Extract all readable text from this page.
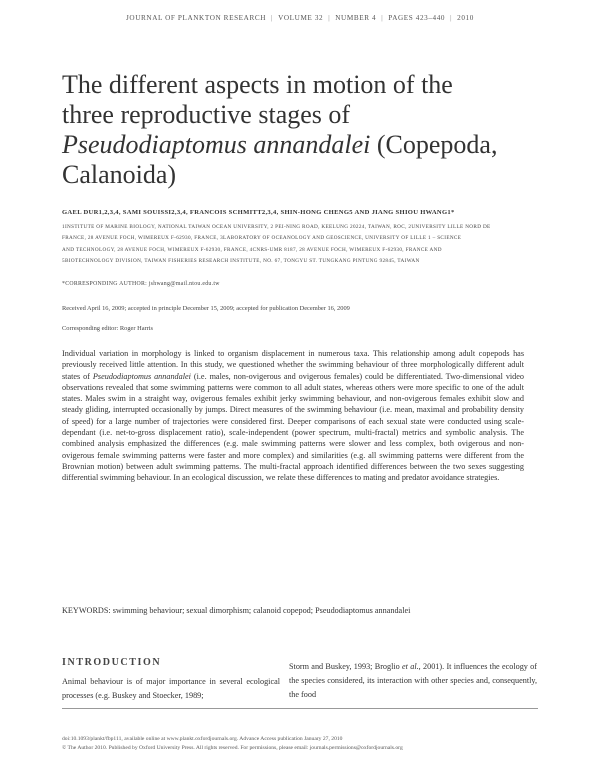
JOURNAL OF PLANKTON RESEARCH | VOLUME 32 | NUMBER 4 | PAGES 423–440 | 2010
The different aspects in motion of the
three reproductive stages of
Pseudodiaptomus annandalei (Copepoda,
Calanoida)
GAEL DUR1,2,3,4, SAMI SOUISSI2,3,4, FRANCOIS SCHMITT2,3,4, SHIN-HONG CHENG5 AND JIANG SHIOU HWANG1*
1INSTITUTE OF MARINE BIOLOGY, NATIONAL TAIWAN OCEAN UNIVERSITY, 2 PEI-NING ROAD, KEELUNG 20224, TAIWAN, ROC, 2UNIVERSITY LILLE NORD DE
FRANCE, 28 AVENUE FOCH, WIMEREUX F-62930, FRANCE, 3LABORATORY OF OCEANOLOGY AND GEOSCIENCE, UNIVERSITY OF LILLE 1 – SCIENCE
AND TECHNOLOGY, 28 AVENUE FOCH, WIMEREUX F-62930, FRANCE, 4CNRS-UMR 8187, 28 AVENUE FOCH, WIMEREUX F-62930, FRANCE AND
5BIOTECHNOLOGY DIVISION, TAIWAN FISHERIES RESEARCH INSTITUTE, NO. 67, TONGYU ST. TUNGKANG PINTUNG 92845, TAIWAN
*CORRESPONDING AUTHOR: jshwang@mail.ntou.edu.tw
Received April 16, 2009; accepted in principle December 15, 2009; accepted for publication December 16, 2009
Corresponding editor: Roger Harris
Individual variation in morphology is linked to organism displacement in numerous taxa. This relationship among adult copepods has previously received little attention. In this study, we questioned whether the swimming behaviour of three morphologically different adult states of Pseudodiaptomus annandalei (i.e. males, non-ovigerous and ovigerous females) could be differentiated. Two-dimensional video observations revealed that some swimming patterns were common to all adult states, whereas others were more specific to one of the adult states. Males swim in a straight way, ovigerous females exhibit jerky swimming behaviour, and non-ovigerous females exhibit slow and steady gliding, interrupted occasionally by jumps. Direct measures of the swimming behaviour (i.e. mean, maximal and probability density of speed) for a large number of trajectories were considered first. Deeper comparisons of each sexual state were conducted using scale-dependant (i.e. net-to-gross displacement ratio), scale-independent (power spectrum, multi-fractal) metrics and symbolic analysis. The combined analysis emphasized the differences (e.g. male swimming patterns were slower and less complex, both ovigerous and non-ovigerous female swimming patterns were faster and more complex) and similarities (e.g. all swimming patterns were different from the Brownian motion) between adult swimming patterns. The multi-fractal approach identified differences between the two sexes suggesting differential swimming behaviour. In an ecological discussion, we relate these differences to mating and predator avoidance strategies.
KEYWORDS: swimming behaviour; sexual dimorphism; calanoid copepod; Pseudodiaptomus annandalei
INTRODUCTION
Animal behaviour is of major importance in several ecological processes (e.g. Buskey and Stoecker, 1989;
Storm and Buskey, 1993; Broglio et al., 2001). It influences the ecology of the species considered, its interaction with other species and, consequently, the food
doi:10.1093/plankt/fbp111, available online at www.plankt.oxfordjournals.org. Advance Access publication January 27, 2010
© The Author 2010. Published by Oxford University Press. All rights reserved. For permissions, please email: journals.permissions@oxfordjournals.org
